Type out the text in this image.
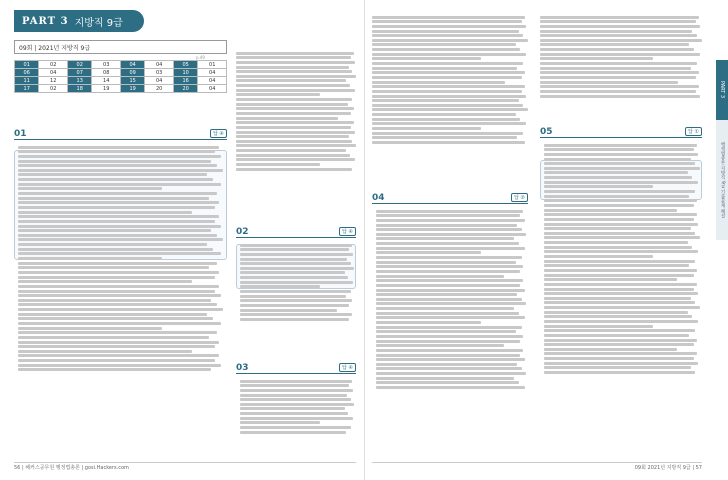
PART 3 지방직 9급
09회 | 2021년 지방직 9급
p.49
01	02	02	03	04	04	05	01
06	04	07	08	09	03	10	04
11	12	13	14	15	04	16	04
17	02	18	19	19	20	20	04
01	답 ④
02	답 ④
03	답 ④
04	답 ②
05	답 ①
PART 3
행정법총론 지방직 9급 기출문제 해설
56 | 해커스공무원 행정법총론 | gosi.Hackers.com	09회 2021년 지방직 9급 | 57
